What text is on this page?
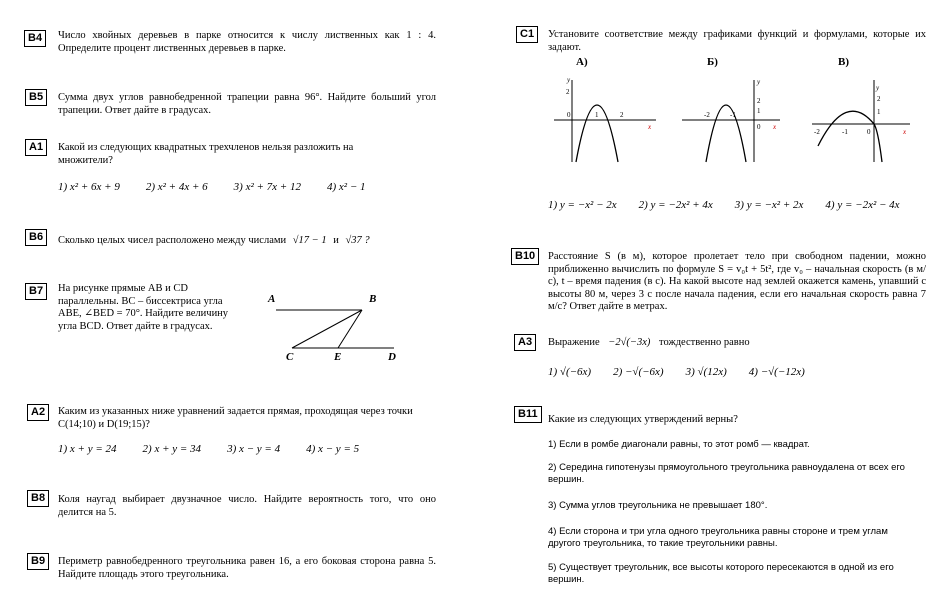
B4	Число хвойных деревьев в парке относится к числу лиственных как 1 : 4. Определите процент лиственных деревьев в парке.
B5	Сумма двух углов равнобедренной трапеции равна 96°. Найдите больший угол трапеции. Ответ дайте в градусах.
A1	Какой из следующих квадратных трехчленов нельзя разложить на множители?
1) x² + 6x + 9 2) x² + 4x + 6 3) x² + 7x + 12 4) x² − 1
B6	Сколько целых чисел расположено между числами √17 − 1 и √37 ?
B7	На рисунке прямые AB и CD параллельны. BC – биссектриса угла ABE, ∠BED = 70°. Найдите величину угла BCD. Ответ дайте в градусах.
A	B
C	E	D
A2	Каким из указанных ниже уравнений задается прямая, проходящая через точки C(14;10) и D(19;15)?
1) x + y = 24 2) x + y = 34 3) x − y = 4 4) x − y = 5
B8	Коля наугад выбирает двузначное число. Найдите вероятность того, что оно делится на 5.
B9	Периметр равнобедренного треугольника равен 16, а его боковая сторона равна 5. Найдите площадь этого треугольника.
C1	Установите соответствие между графиками функций и формулами, которые их задают.
А)	Б)	В)
x
y
2
0	1	2
x
y
2
1
-2	-1
0
x
y
2
1
-2	-1	0
1) y = −x² − 2x 2) y = −2x² + 4x 3) y = −x² + 2x 4) y = −2x² − 4x
B10	Расстояние S (в м), которое пролетает тело при свободном падении, можно приближенно вычислить по формуле S = v₀t + 5t², где v₀ – начальная скорость (в м/с), t – время падения (в с). На какой высоте над землей окажется камень, упавший с высоты 80 м, через 3 с после начала падения, если его начальная скорость равна 7 м/с? Ответ дайте в метрах.
A3	Выражение −2√(−3x) тождественно равно
1) √(−6x) 2) −√(−6x) 3) √(12x) 4) −√(−12x)
B11 Какие из следующих утверждений верны?
1) Если в ромбе диагонали равны, то этот ромб — квадрат.
2) Середина гипотенузы прямоугольного треугольника равноудалена от всех его вершин.
3) Сумма углов треугольника не превышает 180°.
4) Если сторона и три угла одного треугольника равны стороне и трем углам другого треугольника, то такие треугольники равны.
5) Существует треугольник, все высоты которого пересекаются в одной из его вершин.
